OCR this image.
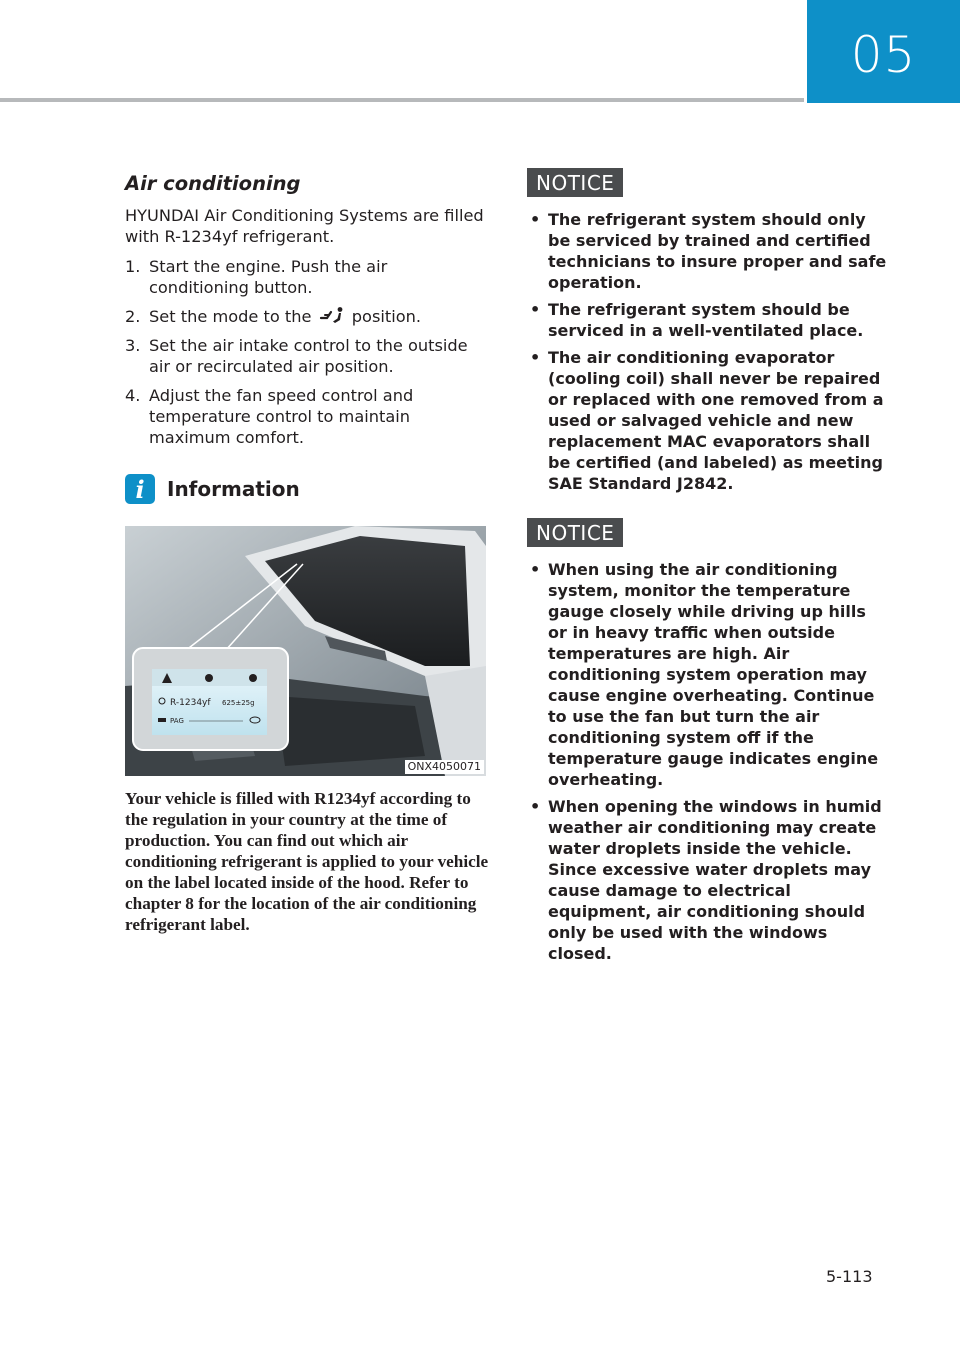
05
Air conditioning

HYUNDAI Air Conditioning Systems are filled with R-1234yf refrigerant.

1. Start the engine. Push the air conditioning button.
2. Set the mode to the position.
3. Set the air intake control to the outside air or recirculated air position.
4. Adjust the fan speed control and temperature control to maintain maximum comfort.
i	Information
R-1234yf 625±25g
PAG
ONX4050071

Your vehicle is filled with R1234yf according to the regulation in your country at the time of production. You can find out which air conditioning refrigerant is applied to your vehicle on the label located inside of the hood. Refer to chapter 8 for the location of the air conditioning refrigerant label.

NOTICE
• The refrigerant system should only be serviced by trained and certified technicians to insure proper and safe operation.
• The refrigerant system should be serviced in a well-ventilated place.
• The air conditioning evaporator (cooling coil) shall never be repaired or replaced with one removed from a used or salvaged vehicle and new replacement MAC evaporators shall be certified (and labeled) as meeting SAE Standard J2842.
NOTICE
• When using the air conditioning system, monitor the temperature gauge closely while driving up hills or in heavy traffic when outside temperatures are high. Air conditioning system operation may cause engine overheating. Continue to use the fan but turn the air conditioning system off if the temperature gauge indicates engine overheating.
• When opening the windows in humid weather air conditioning may create water droplets inside the vehicle. Since excessive water droplets may cause damage to electrical equipment, air conditioning should only be used with the windows closed.
5-113
